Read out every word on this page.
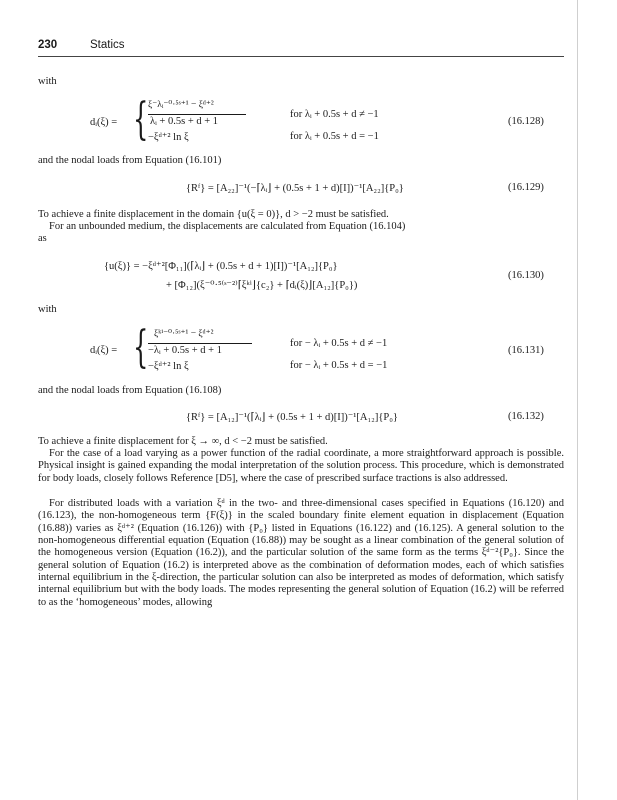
230	Statics
with
dᵢ(ξ) = { ξ⁻λᵢ⁻⁰·⁵ˢ⁺¹ − ξᵈ⁺²
λᵢ + 0.5s + d + 1
for λᵢ + 0.5s + d ≠ −1
−ξᵈ⁺² ln ξ	for λᵢ + 0.5s + d = −1
(16.128)
and the nodal loads from Equation (16.101)
{Rᶠ} = [A₂₂]⁻¹(−⌈λᵢ⌋ + (0.5s + 1 + d)[I])⁻¹[A₂₂]{P₀}	(16.129)
To achieve a finite displacement in the domain {u(ξ = 0)}, d > −2 must be satisfied.
For an unbounded medium, the displacements are calculated from Equation (16.104)
as
{u(ξ)} = −ξᵈ⁺²[Φ₁₁](⌈λᵢ⌋ + (0.5s + d + 1)[I])⁻¹[A₁₂]{P₀}
+ [Φ₁₂](ξ⁻⁰·⁵⁽ˢ⁻²⁾⌈ξᵏⁱ⌋{c₂} + ⌈dᵢ(ξ)⌋[A₁₂]{P₀})
(16.130)
with
dᵢ(ξ) = { ξᵏⁱ⁻⁰·⁵ˢ⁺¹ − ξᵈ⁺²
−λᵢ + 0.5s + d + 1
for − λᵢ + 0.5s + d ≠ −1
−ξᵈ⁺² ln ξ	for − λᵢ + 0.5s + d = −1
(16.131)
and the nodal loads from Equation (16.108)
{Rᶠ} = [A₁₂]⁻¹(⌈λᵢ⌋ + (0.5s + 1 + d)[I])⁻¹[A₁₂]{P₀}	(16.132)
To achieve a finite displacement for ξ → ∞, d < −2 must be satisfied.
For the case of a load varying as a power function of the radial coordinate, a more straightforward approach is possible. Physical insight is gained expanding the modal interpretation of the solution process. This procedure, which is demonstrated for body loads, closely follows Reference [D5], where the case of prescribed surface tractions is also addressed.
For distributed loads with a variation ξᵈ in the two- and three-dimensional cases specified in Equations (16.120) and (16.123), the non-homogeneous term {F(ξ)} in the scaled boundary finite element equation in displacement (Equation (16.88)) varies as ξᵈ⁺² (Equation (16.126)) with {P₀} listed in Equations (16.122) and (16.125). A general solution to the non-homogeneous differential equation (Equation (16.88)) may be sought as a linear combination of the general solution of the homogeneous version (Equation (16.2)), and the particular solution of the same form as the terms ξᵈ⁻²{P₀}. Since the general solution of Equation (16.2) is interpreted above as the combination of deformation modes, each of which satisfies internal equilibrium in the ξ-direction, the particular solution can also be interpreted as modes of deformation, which satisfy internal equilibrium but with the body loads. The modes representing the general solution of Equation (16.2) will be referred to as the ‘homogeneous’ modes, allowing
